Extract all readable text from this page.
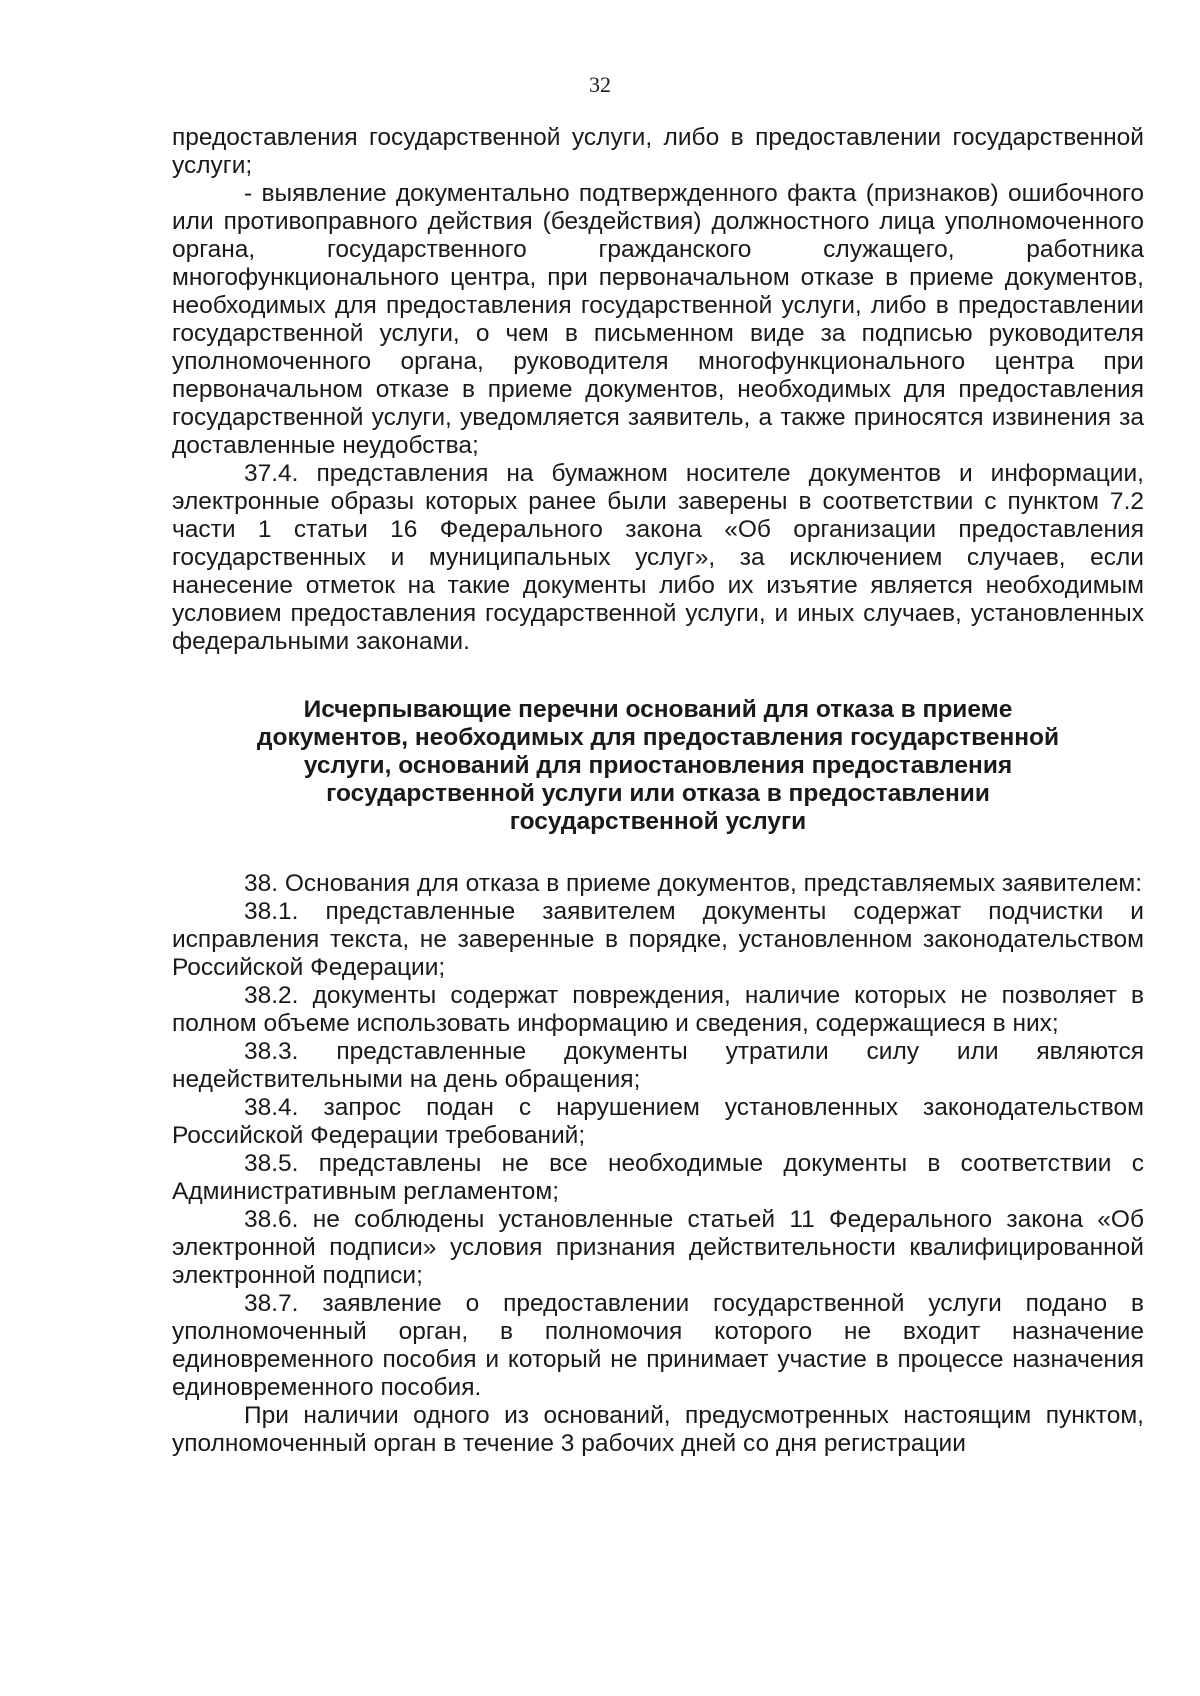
32

предоставления государственной услуги, либо в предоставлении государственной услуги;

- выявление документально подтвержденного факта (признаков) ошибочного или противоправного действия (бездействия) должностного лица уполномоченного органа, государственного гражданского служащего, работника многофункционального центра, при первоначальном отказе в приеме документов, необходимых для предоставления государственной услуги, либо в предоставлении государственной услуги, о чем в письменном виде за подписью руководителя уполномоченного органа, руководителя многофункционального центра при первоначальном отказе в приеме документов, необходимых для предоставления государственной услуги, уведомляется заявитель, а также приносятся извинения за доставленные неудобства;

37.4. представления на бумажном носителе документов и информации, электронные образы которых ранее были заверены в соответствии с пунктом 7.2 части 1 статьи 16 Федерального закона «Об организации предоставления государственных и муниципальных услуг», за исключением случаев, если нанесение отметок на такие документы либо их изъятие является необходимым условием предоставления государственной услуги, и иных случаев, установленных федеральными законами.

Исчерпывающие перечни оснований для отказа в приеме
документов, необходимых для предоставления государственной
услуги, оснований для приостановления предоставления
государственной услуги или отказа в предоставлении
государственной услуги

38. Основания для отказа в приеме документов, представляемых заявителем:

38.1. представленные заявителем документы содержат подчистки и исправления текста, не заверенные в порядке, установленном законодательством Российской Федерации;

38.2. документы содержат повреждения, наличие которых не позволяет в полном объеме использовать информацию и сведения, содержащиеся в них;

38.3. представленные документы утратили силу или являются недействительными на день обращения;

38.4. запрос подан с нарушением установленных законодательством Российской Федерации требований;

38.5. представлены не все необходимые документы в соответствии с Административным регламентом;

38.6. не соблюдены установленные статьей 11 Федерального закона «Об электронной подписи» условия признания действительности квалифицированной электронной подписи;

38.7. заявление о предоставлении государственной услуги подано в уполномоченный орган, в полномочия которого не входит назначение единовременного пособия и который не принимает участие в процессе назначения единовременного пособия.

При наличии одного из оснований, предусмотренных настоящим пунктом, уполномоченный орган в течение 3 рабочих дней со дня регистрации
